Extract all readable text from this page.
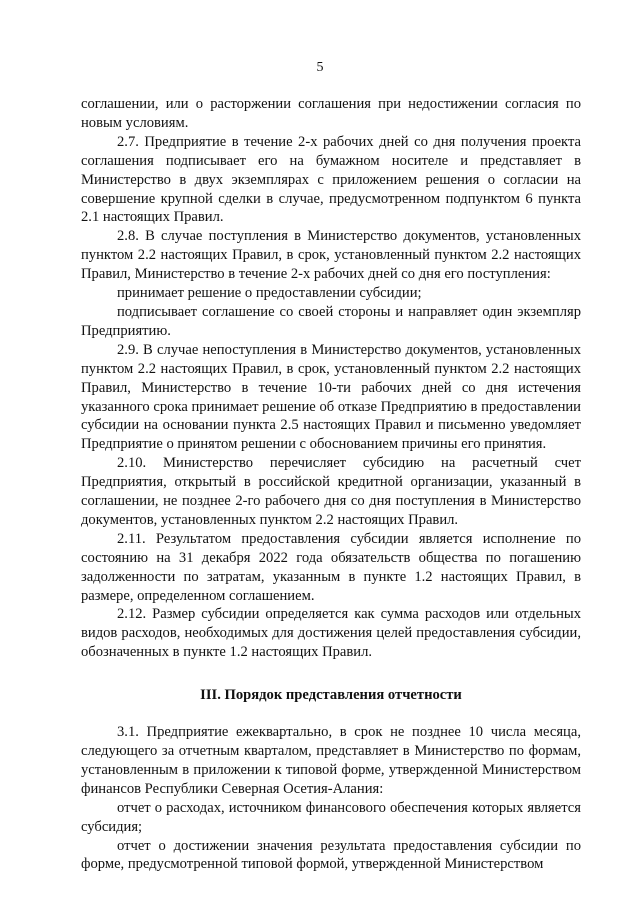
5

соглашении, или о расторжении соглашения при недостижении согласия по новым условиям.

2.7. Предприятие в течение 2-х рабочих дней со дня получения проекта соглашения подписывает его на бумажном носителе и представляет в Министерство в двух экземплярах с приложением решения о согласии на совершение крупной сделки в случае, предусмотренном подпунктом 6 пункта 2.1 настоящих Правил.

2.8. В случае поступления в Министерство документов, установленных пунктом 2.2 настоящих Правил, в срок, установленный пунктом 2.2 настоящих Правил, Министерство в течение 2-х рабочих дней со дня его поступления:

принимает решение о предоставлении субсидии;

подписывает соглашение со своей стороны и направляет один экземпляр Предприятию.

2.9. В случае непоступления в Министерство документов, установленных пунктом 2.2 настоящих Правил, в срок, установленный пунктом 2.2 настоящих Правил, Министерство в течение 10-ти рабочих дней со дня истечения указанного срока принимает решение об отказе Предприятию в предоставлении субсидии на основании пункта 2.5 настоящих Правил и письменно уведомляет Предприятие о принятом решении с обоснованием причины его принятия.

2.10. Министерство перечисляет субсидию на расчетный счет Предприятия, открытый в российской кредитной организации, указанный в соглашении, не позднее 2-го рабочего дня со дня поступления в Министерство документов, установленных пунктом 2.2 настоящих Правил.

2.11. Результатом предоставления субсидии является исполнение по состоянию на 31 декабря 2022 года обязательств общества по погашению задолженности по затратам, указанным в пункте 1.2 настоящих Правил, в размере, определенном соглашением.

2.12. Размер субсидии определяется как сумма расходов или отдельных видов расходов, необходимых для достижения целей предоставления субсидии, обозначенных в пункте 1.2 настоящих Правил.

III. Порядок представления отчетности

3.1. Предприятие ежеквартально, в срок не позднее 10 числа месяца, следующего за отчетным кварталом, представляет в Министерство по формам, установленным в приложении к типовой форме, утвержденной Министерством финансов Республики Северная Осетия-Алания:

отчет о расходах, источником финансового обеспечения которых является субсидия;

отчет о достижении значения результата предоставления субсидии по форме, предусмотренной типовой формой, утвержденной Министерством
